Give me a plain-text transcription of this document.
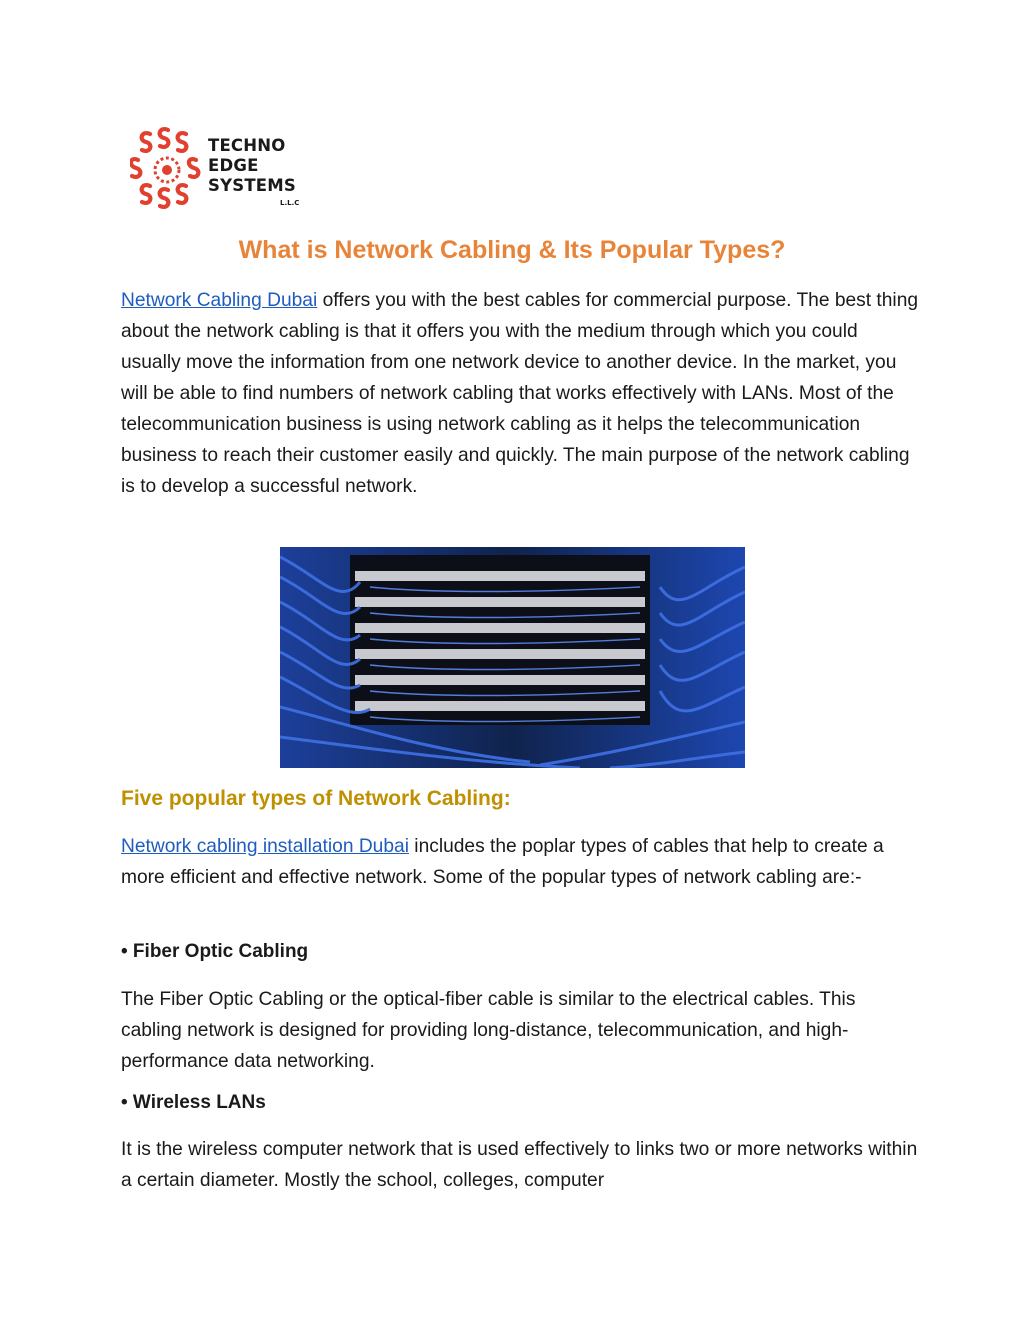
TECHNO
EDGE
SYSTEMS
L.L.C
What is Network Cabling & Its Popular Types?

Network Cabling Dubai offers you with the best cables for commercial purpose. The best thing about the network cabling is that it offers you with the medium through which you could usually move the information from one network device to another device. In the market, you will be able to find numbers of network cabling that works effectively with LANs. Most of the telecommunication business is using network cabling as it helps the telecommunication business to reach their customer easily and quickly. The main purpose of the network cabling is to develop a successful network.

Five popular types of Network Cabling:

Network cabling installation Dubai includes the poplar types of cables that help to create a more efficient and effective network. Some of the popular types of network cabling are:-

• Fiber Optic Cabling

The Fiber Optic Cabling or the optical-fiber cable is similar to the electrical cables. This cabling network is designed for providing long-distance, telecommunication, and high-performance data networking.

• Wireless LANs

It is the wireless computer network that is used effectively to links two or more networks within a certain diameter. Mostly the school, colleges, computer
